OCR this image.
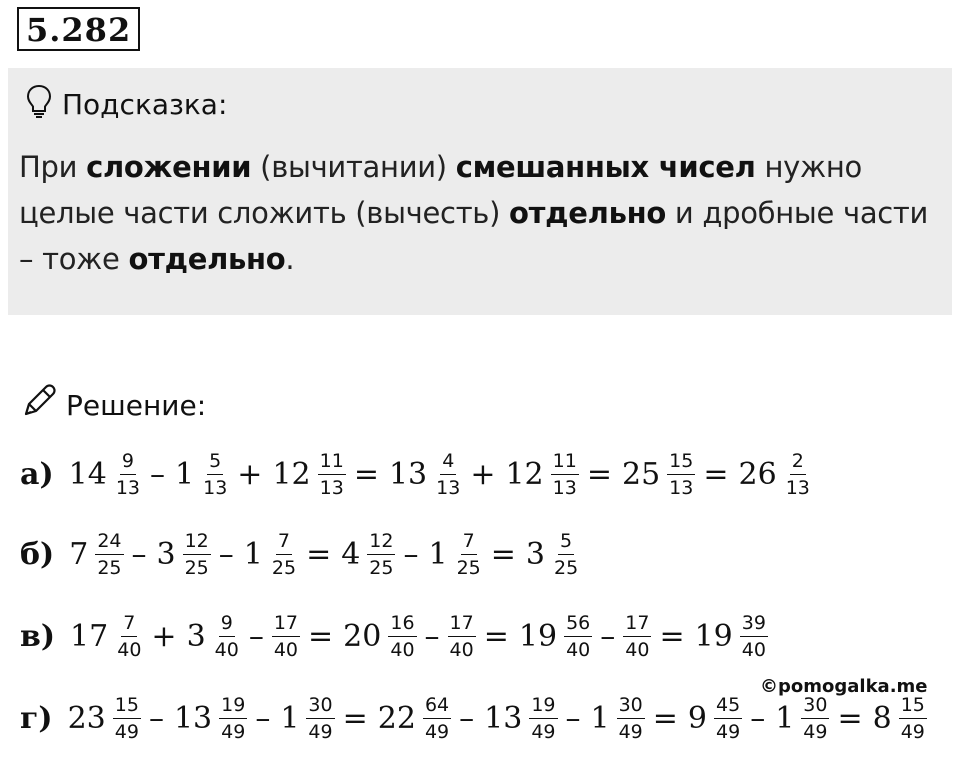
5.282
Подсказка:
При сложении (вычитании) смешанных чисел нужно целые части сложить (вычесть) отдельно и дробные части – тоже отдельно.
Решение:
а) $14 \frac{9}{13} - 1 \frac{5}{13} + 12 \frac{11}{13} = 13 \frac{4}{13} + 12 \frac{11}{13} = 25 \frac{15}{13} = 26 \frac{2}{13}$
б) $7 \frac{24}{25} - 3 \frac{12}{25} - 1 \frac{7}{25} = 4 \frac{12}{25} - 1 \frac{7}{25} = 3 \frac{5}{25}$
в) $17 \frac{7}{40} + 3 \frac{9}{40} - \frac{17}{40} = 20 \frac{16}{40} - \frac{17}{40} = 19 \frac{56}{40} - \frac{17}{40} = 19 \frac{39}{40}$
г) $23 \frac{15}{49} - 13 \frac{19}{49} - 1 \frac{30}{49} = 22 \frac{64}{49} - 13 \frac{19}{49} - 1 \frac{30}{49} = 9 \frac{45}{49} - 1 \frac{30}{49} = 8 \frac{15}{49}$
©pomogalka.me
